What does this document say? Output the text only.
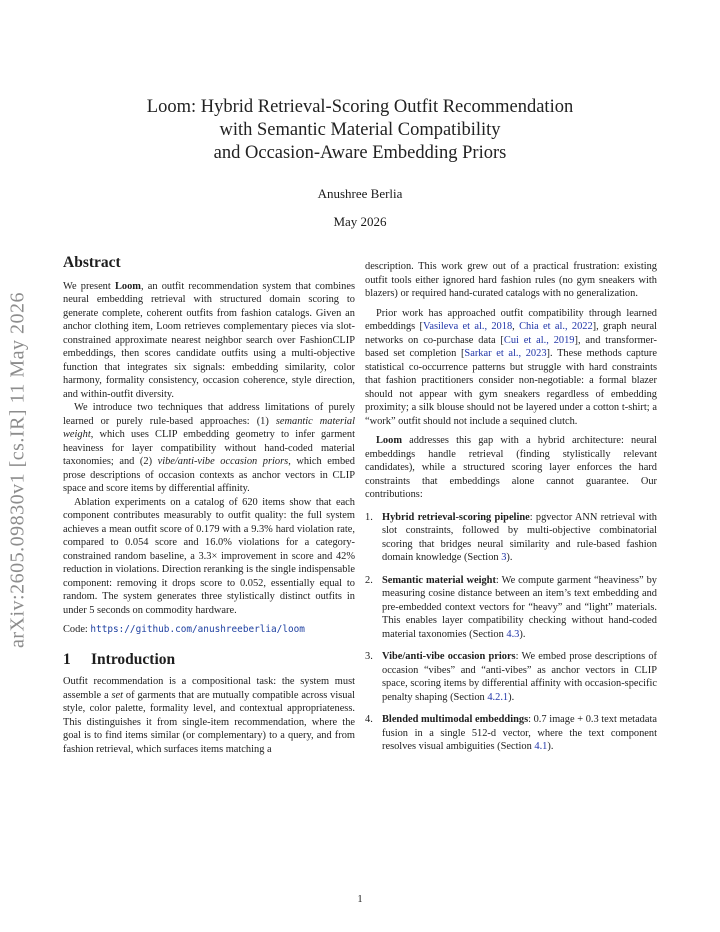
arXiv:2605.09830v1 [cs.IR] 11 May 2026
Loom: Hybrid Retrieval-Scoring Outfit Recommendation
with Semantic Material Compatibility
and Occasion-Aware Embedding Priors
Anushree Berlia
May 2026
Abstract

We present Loom, an outfit recommendation system that combines neural embedding retrieval with structured domain scoring to generate complete, coherent outfits from fashion catalogs. Given an anchor clothing item, Loom retrieves complementary pieces via slot-constrained approximate nearest neighbor search over FashionCLIP embeddings, then scores candidate outfits using a multi-objective function that integrates six signals: embedding similarity, color harmony, formality consistency, occasion coherence, style direction, and within-outfit diversity.

We introduce two techniques that address limitations of purely learned or purely rule-based approaches: (1) semantic material weight, which uses CLIP embedding geometry to infer garment heaviness for layer compatibility without hand-coded material taxonomies; and (2) vibe/anti-vibe occasion priors, which embed prose descriptions of occasion contexts as anchor vectors in CLIP space and score items by differential affinity.

Ablation experiments on a catalog of 620 items show that each component contributes measurably to outfit quality: the full system achieves a mean outfit score of 0.179 with a 9.3% hard violation rate, compared to 0.054 score and 16.0% violations for a category-constrained random baseline, a 3.3× improvement in score and 42% reduction in violations. Direction reranking is the single indispensable component: removing it drops score to 0.052, essentially equal to random. The system generates three stylistically distinct outfits in under 5 seconds on commodity hardware.

Code: https://github.com/anushreeberlia/loom

1 Introduction

Outfit recommendation is a compositional task: the system must assemble a set of garments that are mutually compatible across visual style, color palette, formality level, and contextual appropriateness. This distinguishes it from single-item recommendation, where the goal is to find items similar (or complementary) to a query, and from fashion retrieval, which surfaces items matching a

description. This work grew out of a practical frustration: existing outfit tools either ignored hard fashion rules (no gym sneakers with blazers) or required hand-curated catalogs with no generalization.

Prior work has approached outfit compatibility through learned embeddings [Vasileva et al., 2018, Chia et al., 2022], graph neural networks on co-purchase data [Cui et al., 2019], and transformer-based set completion [Sarkar et al., 2023]. These methods capture statistical co-occurrence patterns but struggle with hard constraints that fashion practitioners consider non-negotiable: a formal blazer should not appear with gym sneakers regardless of embedding proximity; a silk blouse should not be layered under a cotton t-shirt; a “work” outfit should not include a sequined clutch.

Loom addresses this gap with a hybrid architecture: neural embeddings handle retrieval (finding stylistically relevant candidates), while a structured scoring layer enforces the hard constraints that embeddings alone cannot guarantee. Our contributions:

1. Hybrid retrieval-scoring pipeline: pgvector ANN retrieval with slot constraints, followed by multi-objective combinatorial scoring that bridges neural similarity and rule-based fashion domain knowledge (Section 3).
2. Semantic material weight: We compute garment “heaviness” by measuring cosine distance between an item’s text embedding and pre-embedded context vectors for “heavy” and “light” materials. This enables layer compatibility checking without hand-coded material taxonomies (Section 4.3).
3. Vibe/anti-vibe occasion priors: We embed prose descriptions of occasion “vibes” and “anti-vibes” as anchor vectors in CLIP space, scoring items by differential affinity with occasion-specific penalty shaping (Section 4.2.1).
4. Blended multimodal embeddings: 0.7 image + 0.3 text metadata fusion in a single 512-d vector, where the text component resolves visual ambiguities (Section 4.1).
1
